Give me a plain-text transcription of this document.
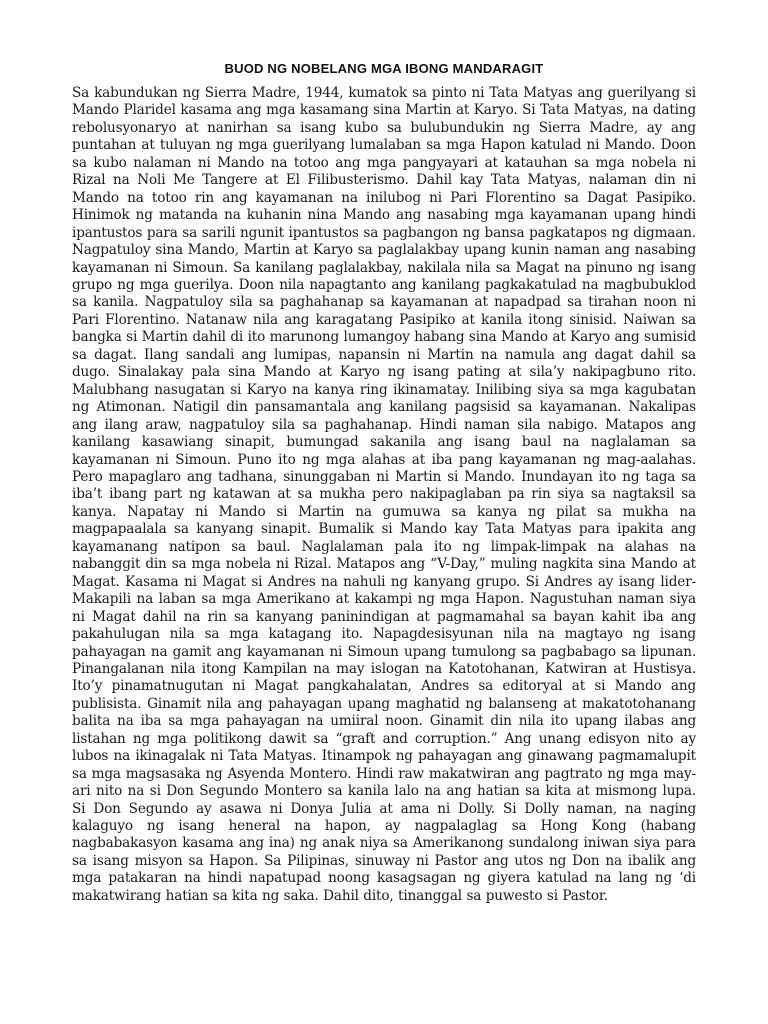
BUOD NG NOBELANG MGA IBONG MANDARAGIT

Sa kabundukan ng Sierra Madre, 1944, kumatok sa pinto ni Tata Matyas ang guerilyang si Mando Plaridel kasama ang mga kasamang sina Martin at Karyo. Si Tata Matyas, na dating rebolusyonaryo at nanirhan sa isang kubo sa bulubundukin ng Sierra Madre, ay ang puntahan at tuluyan ng mga guerilyang lumalaban sa mga Hapon katulad ni Mando. Doon sa kubo nalaman ni Mando na totoo ang mga pangyayari at katauhan sa mga nobela ni Rizal na Noli Me Tangere at El Filibusterismo. Dahil kay Tata Matyas, nalaman din ni Mando na totoo rin ang kayamanan na inilubog ni Pari Florentino sa Dagat Pasipiko. Hinimok ng matanda na kuhanin nina Mando ang nasabing mga kayamanan upang hindi ipantustos para sa sarili ngunit ipantustos sa pagbangon ng bansa pagkatapos ng digmaan. Nagpatuloy sina Mando, Martin at Karyo sa paglalakbay upang kunin naman ang nasabing kayamanan ni Simoun. Sa kanilang paglalakbay, nakilala nila sa Magat na pinuno ng isang grupo ng mga guerilya. Doon nila napagtanto ang kanilang pagkakatulad na magbubuklod sa kanila. Nagpatuloy sila sa paghahanap sa kayamanan at napadpad sa tirahan noon ni Pari Florentino. Natanaw nila ang karagatang Pasipiko at kanila itong sinisid. Naiwan sa bangka si Martin dahil di ito marunong lumangoy habang sina Mando at Karyo ang sumisid sa dagat. Ilang sandali ang lumipas, napansin ni Martin na namula ang dagat dahil sa dugo. Sinalakay pala sina Mando at Karyo ng isang pating at sila’y nakipagbuno rito. Malubhang nasugatan si Karyo na kanya ring ikinamatay. Inilibing siya sa mga kagubatan ng Atimonan. Natigil din pansamantala ang kanilang pagsisid sa kayamanan. Nakalipas ang ilang araw, nagpatuloy sila sa paghahanap. Hindi naman sila nabigo. Matapos ang kanilang kasawiang sinapit, bumungad sakanila ang isang baul na naglalaman sa kayamanan ni Simoun. Puno ito ng mga alahas at iba pang kayamanan ng mag-aalahas. Pero mapaglaro ang tadhana, sinunggaban ni Martin si Mando. Inundayan ito ng taga sa iba’t ibang part ng katawan at sa mukha pero nakipaglaban pa rin siya sa nagtaksil sa kanya. Napatay ni Mando si Martin na gumuwa sa kanya ng pilat sa mukha na magpapaalala sa kanyang sinapit. Bumalik si Mando kay Tata Matyas para ipakita ang kayamanang natipon sa baul. Naglalaman pala ito ng limpak-limpak na alahas na nabanggit din sa mga nobela ni Rizal. Matapos ang “V-Day,” muling nagkita sina Mando at Magat. Kasama ni Magat si Andres na nahuli ng kanyang grupo. Si Andres ay isang lider-Makapili na laban sa mga Amerikano at kakampi ng mga Hapon. Nagustuhan naman siya ni Magat dahil na rin sa kanyang paninindigan at pagmamahal sa bayan kahit iba ang pakahulugan nila sa mga katagang ito. Napagdesisyunan nila na magtayo ng isang pahayagan na gamit ang kayamanan ni Simoun upang tumulong sa pagbabago sa lipunan. Pinangalanan nila itong Kampilan na may islogan na Katotohanan, Katwiran at Hustisya. Ito’y pinamatnugutan ni Magat pangkahalatan, Andres sa editoryal at si Mando ang publisista. Ginamit nila ang pahayagan upang maghatid ng balanseng at makatotohanang balita na iba sa mga pahayagan na umiiral noon. Ginamit din nila ito upang ilabas ang listahan ng mga politikong dawit sa “graft and corruption.” Ang unang edisyon nito ay lubos na ikinagalak ni Tata Matyas. Itinampok ng pahayagan ang ginawang pagmamalupit sa mga magsasaka ng Asyenda Montero. Hindi raw makatwiran ang pagtrato ng mga may-ari nito na si Don Segundo Montero sa kanila lalo na ang hatian sa kita at mismong lupa. Si Don Segundo ay asawa ni Donya Julia at ama ni Dolly. Si Dolly naman, na naging kalaguyo ng isang heneral na hapon, ay nagpalaglag sa Hong Kong (habang nagbabakasyon kasama ang ina) ng anak niya sa Amerikanong sundalong iniwan siya para sa isang misyon sa Hapon. Sa Pilipinas, sinuway ni Pastor ang utos ng Don na ibalik ang mga patakaran na hindi napatupad noong kasagsagan ng giyera katulad na lang ng ‘di makatwirang hatian sa kita ng saka. Dahil dito, tinanggal sa puwesto si Pastor.
